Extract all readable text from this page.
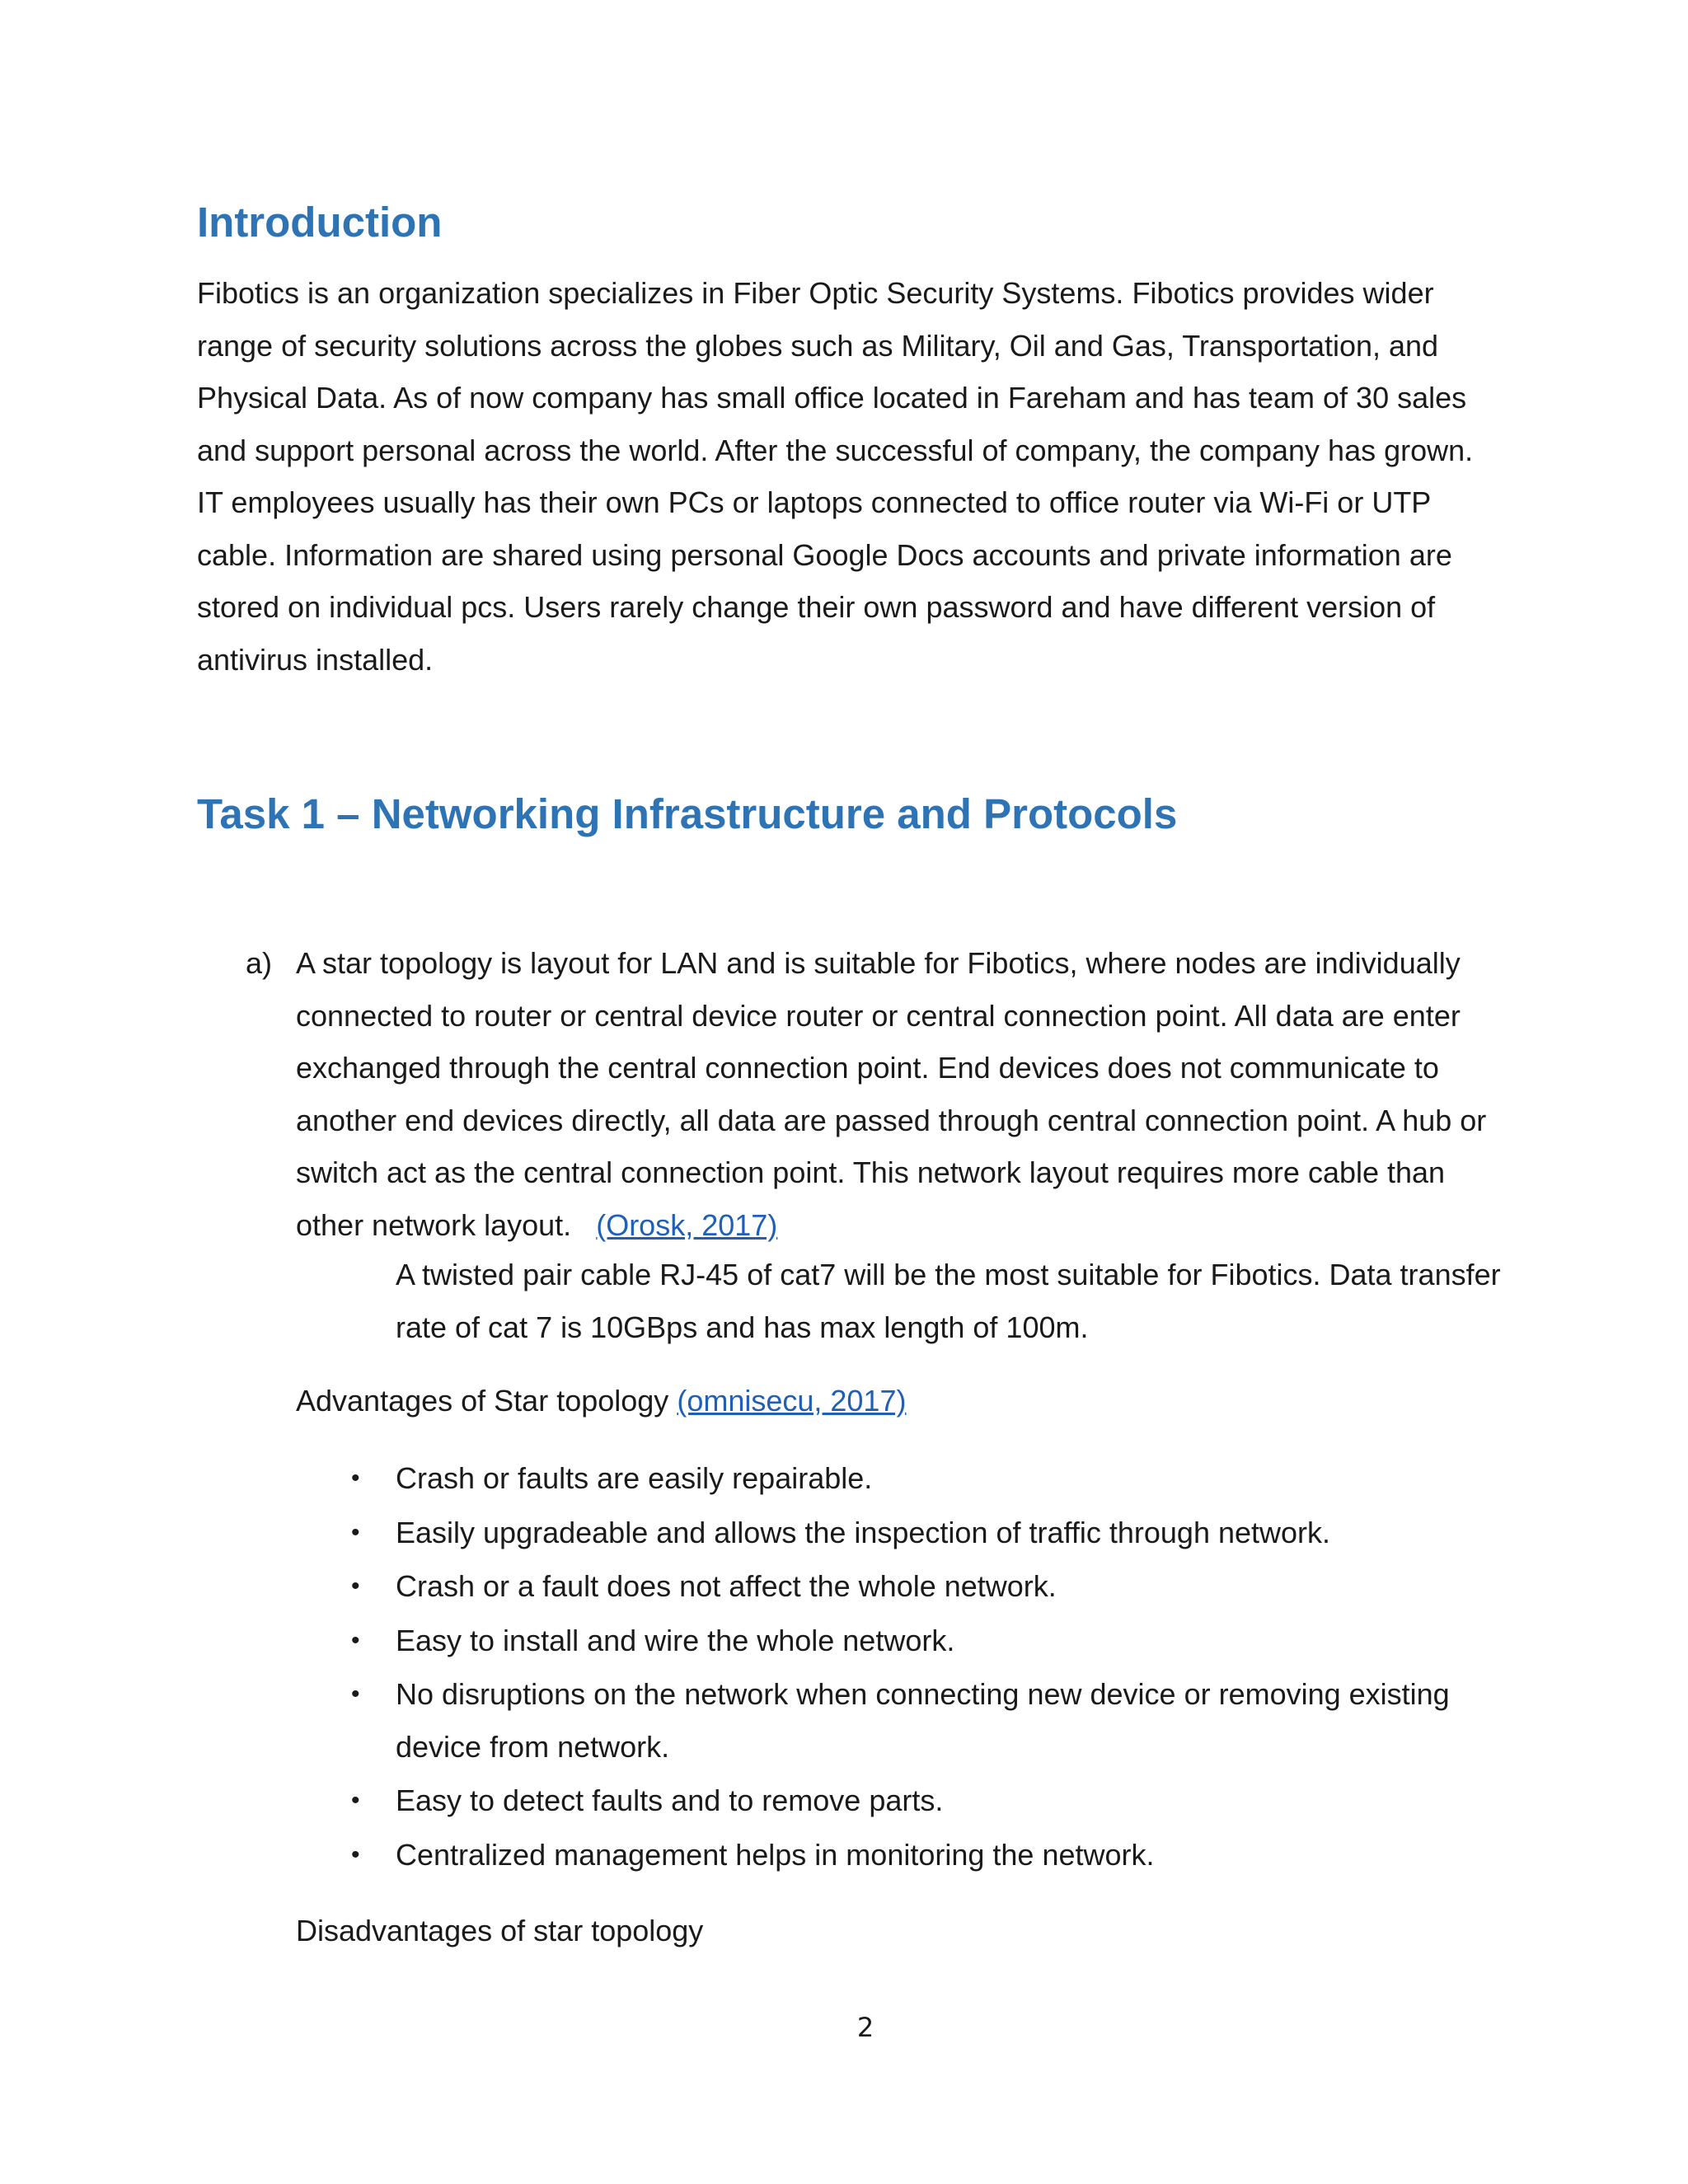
Introduction
Fibotics is an organization specializes in Fiber Optic Security Systems. Fibotics provides wider
range of security solutions across the globes such as Military, Oil and Gas, Transportation, and
Physical Data. As of now company has small office located in Fareham and has team of 30 sales
and support personal across the world. After the successful of company, the company has grown.
IT employees usually has their own PCs or laptops connected to office router via Wi-Fi or UTP
cable. Information are shared using personal Google Docs accounts and private information are
stored on individual pcs. Users rarely change their own password and have different version of
antivirus installed.
Task 1 – Networking Infrastructure and Protocols
a) A star topology is layout for LAN and is suitable for Fibotics, where nodes are individually
connected to router or central device router or central connection point. All data are enter
exchanged through the central connection point. End devices does not communicate to
another end devices directly, all data are passed through central connection point. A hub or
switch act as the central connection point. This network layout requires more cable than
other network layout. (Orosk, 2017)
A twisted pair cable RJ-45 of cat7 will be the most suitable for Fibotics. Data transfer
rate of cat 7 is 10GBps and has max length of 100m.
Advantages of Star topology (omnisecu, 2017)
• Crash or faults are easily repairable.
• Easily upgradeable and allows the inspection of traffic through network.
• Crash or a fault does not affect the whole network.
• Easy to install and wire the whole network.
• No disruptions on the network when connecting new device or removing existing
device from network.
• Easy to detect faults and to remove parts.
• Centralized management helps in monitoring the network.
Disadvantages of star topology
2
